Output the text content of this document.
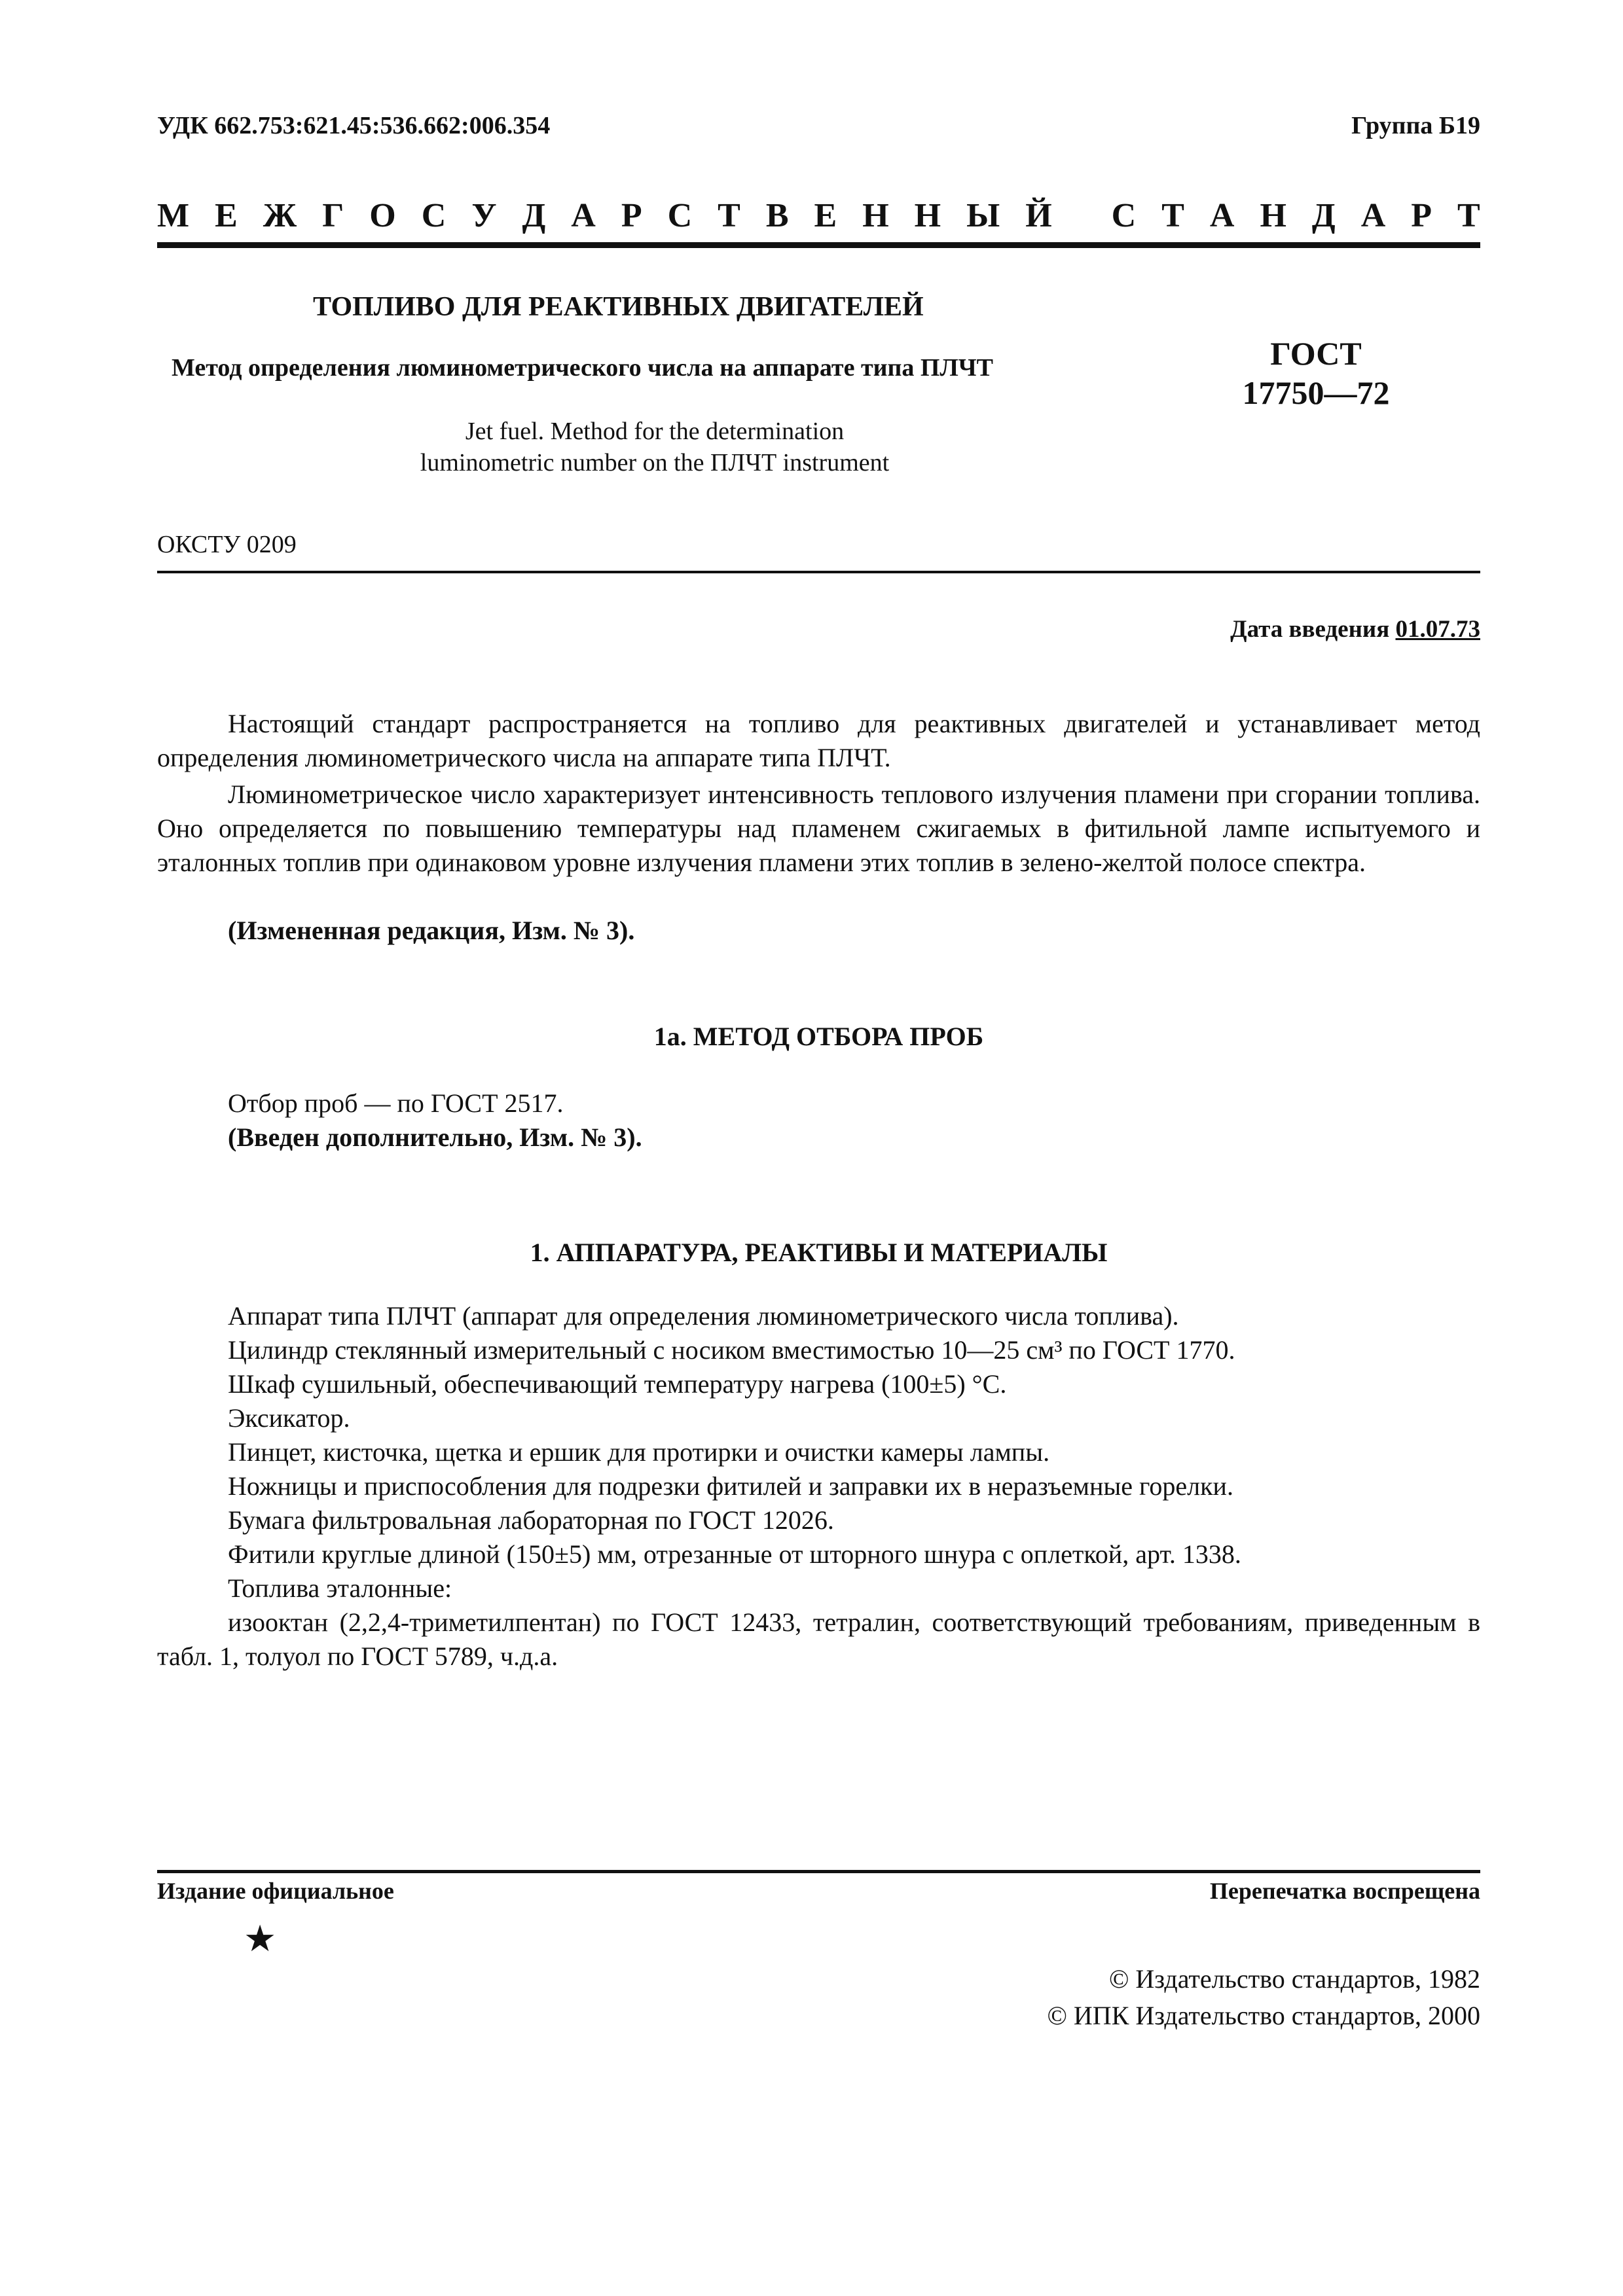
УДК 662.753:621.45:536.662:006.354	Группа Б19
М Е Ж Г О С У Д А Р С Т В Е Н Н Ы Й
С Т А Н Д А Р Т
ТОПЛИВО ДЛЯ РЕАКТИВНЫХ ДВИГАТЕЛЕЙ
Метод определения люминометрического числа на аппарате типа ПЛЧТ	ГОСТ
17750—72
Jet fuel. Method for the determination
luminometric number on the ПЛЧТ instrument
ОКСТУ 0209
Дата введения 01.07.73
Настоящий стандарт распространяется на топливо для реактивных двигателей и устанавливает метод определения люминометрического числа на аппарате типа ПЛЧТ.
Люминометрическое число характеризует интенсивность теплового излучения пламени при сгорании топлива. Оно определяется по повышению температуры над пламенем сжигаемых в фитильной лампе испытуемого и эталонных топлив при одинаковом уровне излучения пламени этих топлив в зелено-желтой полосе спектра.
(Измененная редакция, Изм. № 3).
1а. МЕТОД ОТБОРА ПРОБ
Отбор проб — по ГОСТ 2517.
(Введен дополнительно, Изм. № 3).
1. АППАРАТУРА, РЕАКТИВЫ И МАТЕРИАЛЫ
Аппарат типа ПЛЧТ (аппарат для определения люминометрического числа топлива).
Цилиндр стеклянный измерительный с носиком вместимостью 10—25 см³ по ГОСТ 1770.
Шкаф сушильный, обеспечивающий температуру нагрева (100±5) °С.
Эксикатор.
Пинцет, кисточка, щетка и ершик для протирки и очистки камеры лампы.
Ножницы и приспособления для подрезки фитилей и заправки их в неразъемные горелки.
Бумага фильтровальная лабораторная по ГОСТ 12026.
Фитили круглые длиной (150±5) мм, отрезанные от шторного шнура с оплеткой, арт. 1338.
Топлива эталонные:
изооктан (2,2,4-триметилпентан) по ГОСТ 12433, тетралин, соответствующий требованиям, приведенным в табл. 1, толуол по ГОСТ 5789, ч.д.а.
Издание официальное	Перепечатка воспрещена
★
© Издательство стандартов, 1982
© ИПК Издательство стандартов, 2000
